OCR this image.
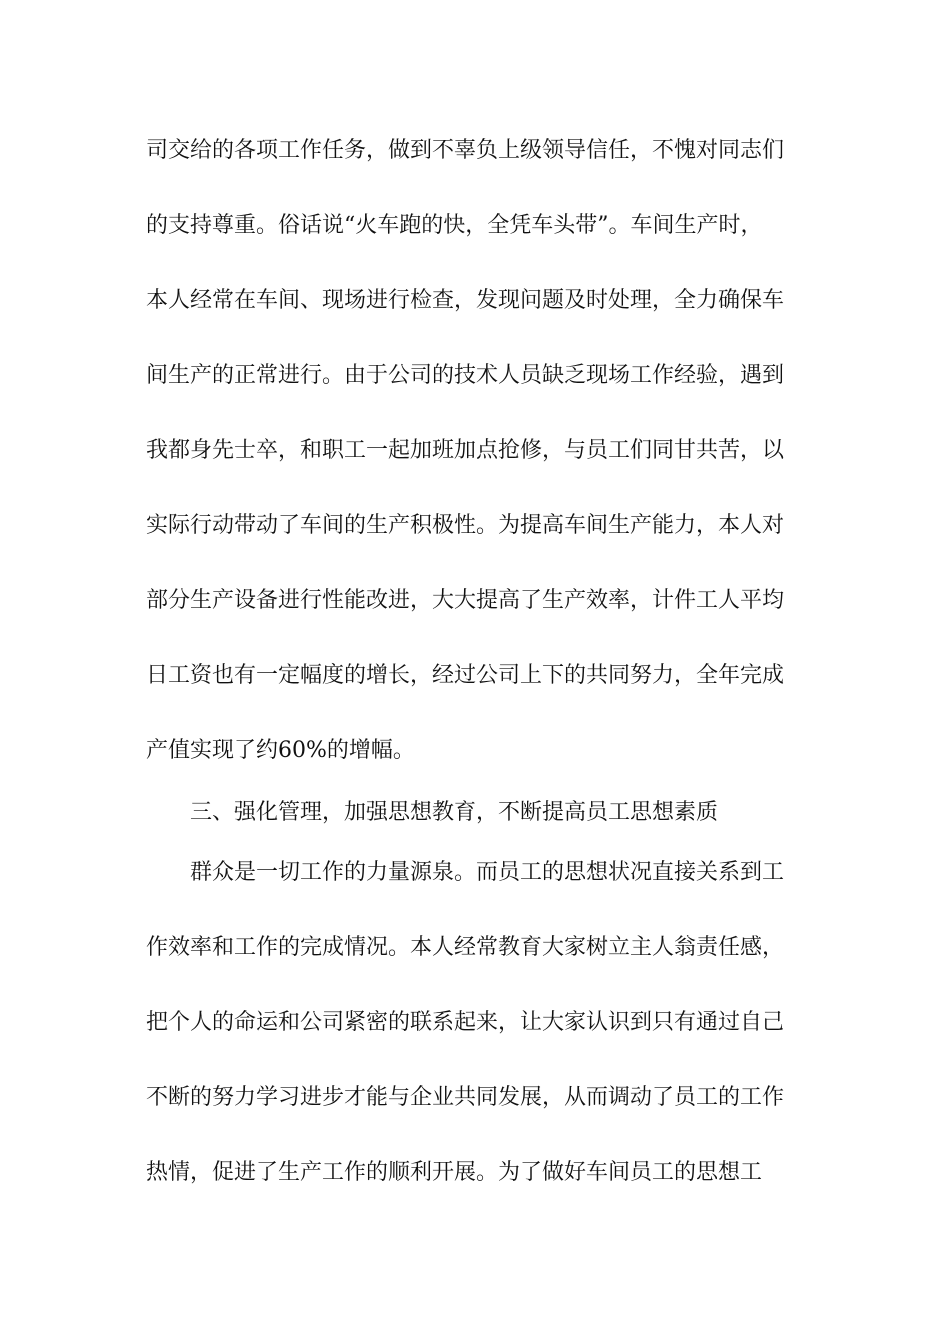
司交给的各项工作任务，做到不辜负上级领导信任，不愧对同志们
的支持尊重。俗话说“火车跑的快，全凭车头带”。车间生产时，
本人经常在车间、现场进行检查，发现问题及时处理，全力确保车
间生产的正常进行。由于公司的技术人员缺乏现场工作经验，遇到
我都身先士卒，和职工一起加班加点抢修，与员工们同甘共苦，以
实际行动带动了车间的生产积极性。为提高车间生产能力，本人对
部分生产设备进行性能改进，大大提高了生产效率，计件工人平均
日工资也有一定幅度的增长，经过公司上下的共同努力，全年完成
产值实现了约60%的增幅。
三、强化管理，加强思想教育，不断提高员工思想素质
群众是一切工作的力量源泉。而员工的思想状况直接关系到工
作效率和工作的完成情况。本人经常教育大家树立主人翁责任感，
把个人的命运和公司紧密的联系起来，让大家认识到只有通过自己
不断的努力学习进步才能与企业共同发展，从而调动了员工的工作
热情，促进了生产工作的顺利开展。为了做好车间员工的思想工
